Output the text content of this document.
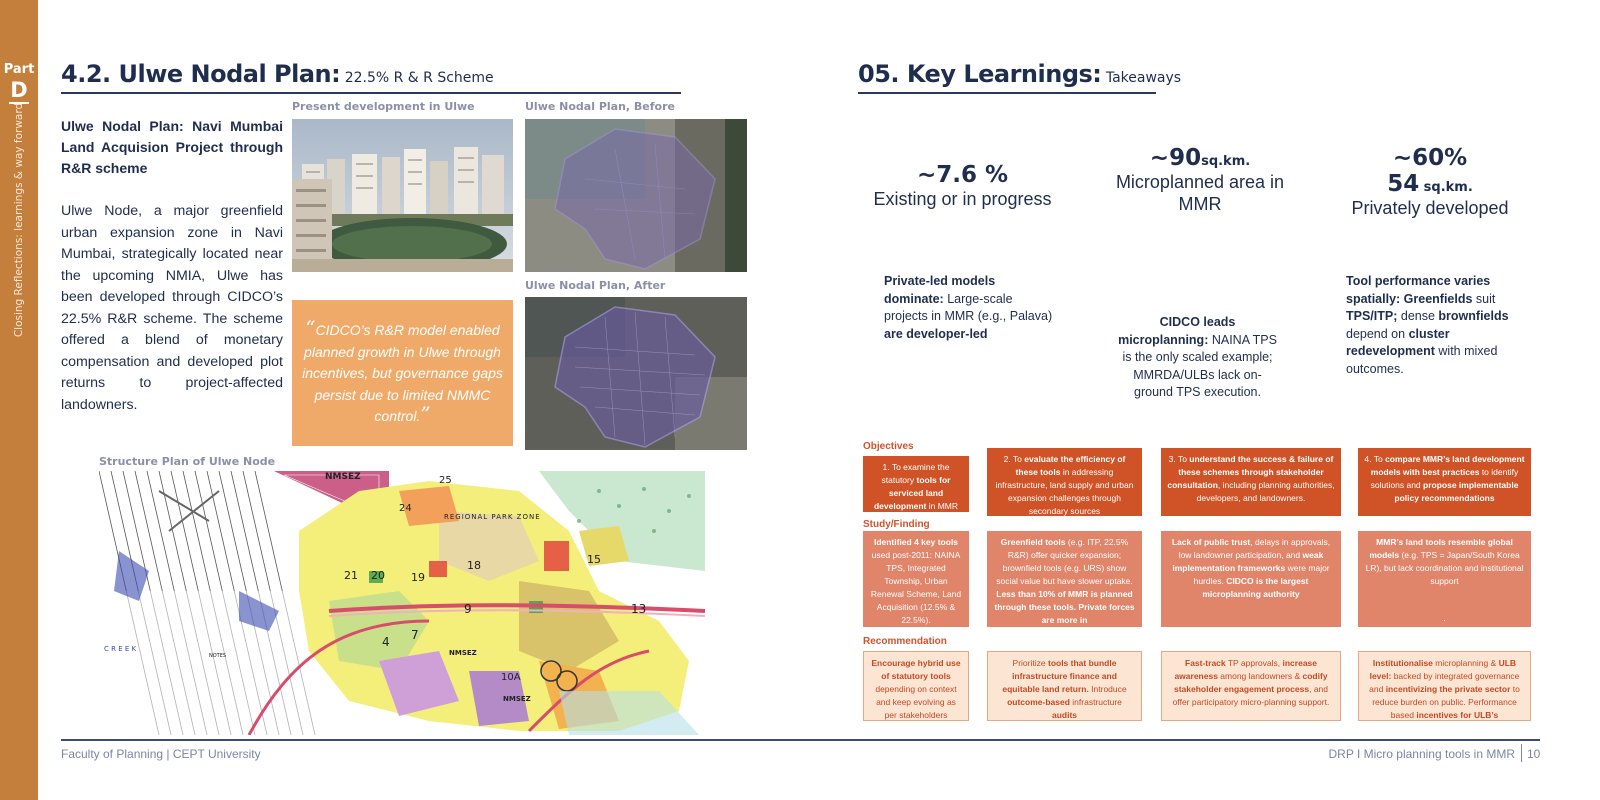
Part
D
Closing Reflections: learnings & way forward
4.2. Ulwe Nodal Plan: 22.5% R & R Scheme
Ulwe Nodal Plan: Navi Mumbai Land Acquision Project through R&R scheme
Ulwe Node, a major greenfield urban expansion zone in Navi Mumbai, strategically located near the upcoming NMIA, Ulwe has been developed through CIDCO’s 22.5% R&R scheme. The scheme offered a blend of monetary compensation and developed plot returns to project-affected landowners.
Present development in Ulwe	Ulwe Nodal Plan, Before
Ulwe Nodal Plan, After
Structure Plan of Ulwe Node
“CIDCO’s R&R model enabled planned growth in Ulwe through incentives, but governance gaps persist due to limited NMMC control.”
NMSEZ
REGIONAL PARK ZONE
C R E E K
NOTES	NMSEZ
NMSEZ
24
25
15
4 7
10A
9	13
18
20
21	19
05. Key Learnings: Takeaways
~7.6 %
Existing or in progress
~90sq.km.
Microplanned area in MMR
~60%
54 sq.km.
Privately developed
Private-led models dominate: Large-scale projects in MMR (e.g., Palava) are developer-led
CIDCO leads microplanning: NAINA TPS is the only scaled example; MMRDA/ULBs lack on-ground TPS execution.
Tool performance varies spatially: Greenfields suit TPS/ITP; dense brownfields depend on cluster redevelopment with mixed outcomes.
Objectives
Study/Finding
Recommendation
1. To examine the statutory tools for serviced land development in MMR
2. To evaluate the efficiency of these tools in addressing infrastructure, land supply and urban expansion challenges through secondary sources
3. To understand the success & failure of these schemes through stakeholder consultation, including planning authorities, developers, and landowners.
4. To compare MMR’s land development models with best practices to identify solutions and propose implementable policy recommendations
Identified 4 key tools used post-2011: NAINA TPS, Integrated Township, Urban Renewal Scheme, Land Acquisition (12.5% & 22.5%).
Greenfield tools (e.g. ITP, 22.5% R&R) offer quicker expansion; brownfield tools (e.g. URS) show social value but have slower uptake. Less than 10% of MMR is planned through these tools. Private forces are more in
Lack of public trust, delays in approvals, low landowner participation, and weak implementation frameworks were major hurdles. CIDCO is the largest microplanning authority
MMR’s land tools resemble global models (e.g. TPS = Japan/South Korea LR), but lack coordination and institutional support
.
Encourage hybrid use of statutory tools depending on context and keep evolving as per stakeholders
Prioritize tools that bundle infrastructure finance and equitable land return. Introduce outcome-based infrastructure audits
Fast-track TP approvals, increase awareness among landowners & codify stakeholder engagement process, and offer participatory micro-planning support.
Institutionalise microplanning & ULB level: backed by integrated governance and incentivizing the private sector to reduce burden on public. Performance based incentives for ULB’s
Faculty of Planning | CEPT University	DRP I Micro planning tools in MMR 10
